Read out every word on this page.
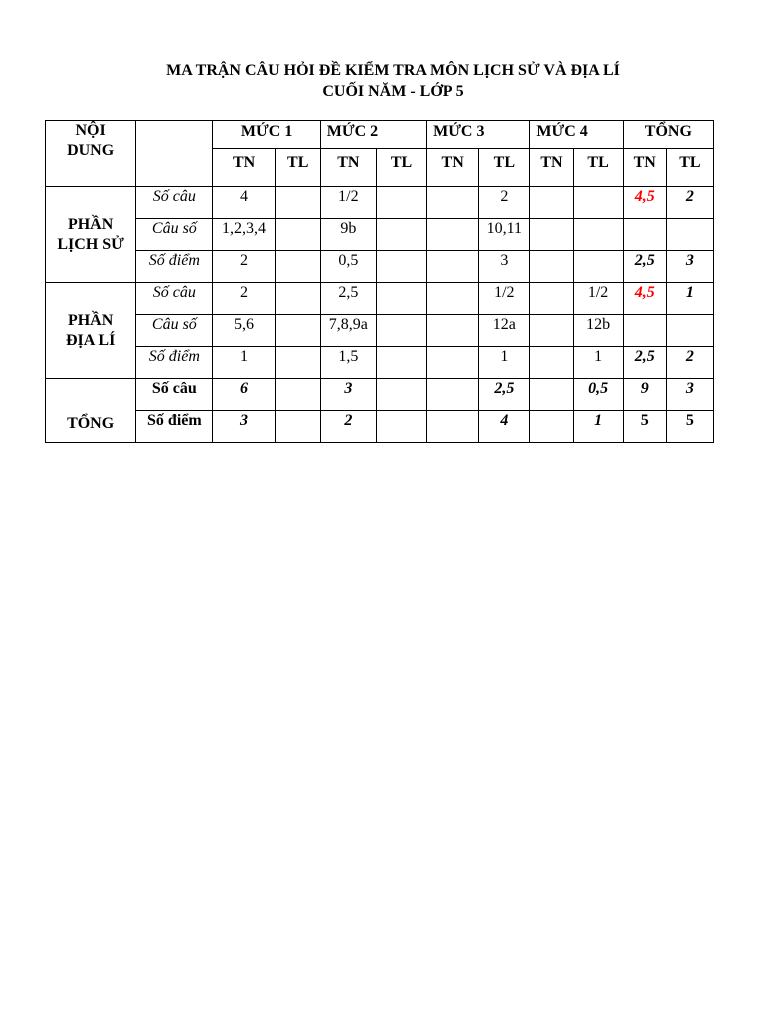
MA TRẬN CÂU HỎI ĐỀ KIỂM TRA MÔN LỊCH SỬ VÀ ĐỊA LÍ
CUỐI NĂM - LỚP 5
NỘI
DUNG		MỨC 1		MỨC 2		MỨC 3		MỨC 4		TỔNG	
		TN	TL	TN	TL	TN	TL	TN	TL	TN	TL

PHẦN
LỊCH SỬ	Số câu	4		1/2			2			4,5	2
	Câu số	1,2,3,4		9b			10,11				
	Số điểm	2		0,5			3			2,5	3

PHẦN
ĐỊA LÍ	Số câu	2		2,5			1/2		1/2	4,5	1
	Câu số	5,6		7,8,9a			12a		12b		
	Số điểm	1		1,5			1		1	2,5	2
TỔNG	Số câu	6		3			2,5		0,5	9	3
	Số điểm	3		2			4		1	5	5
